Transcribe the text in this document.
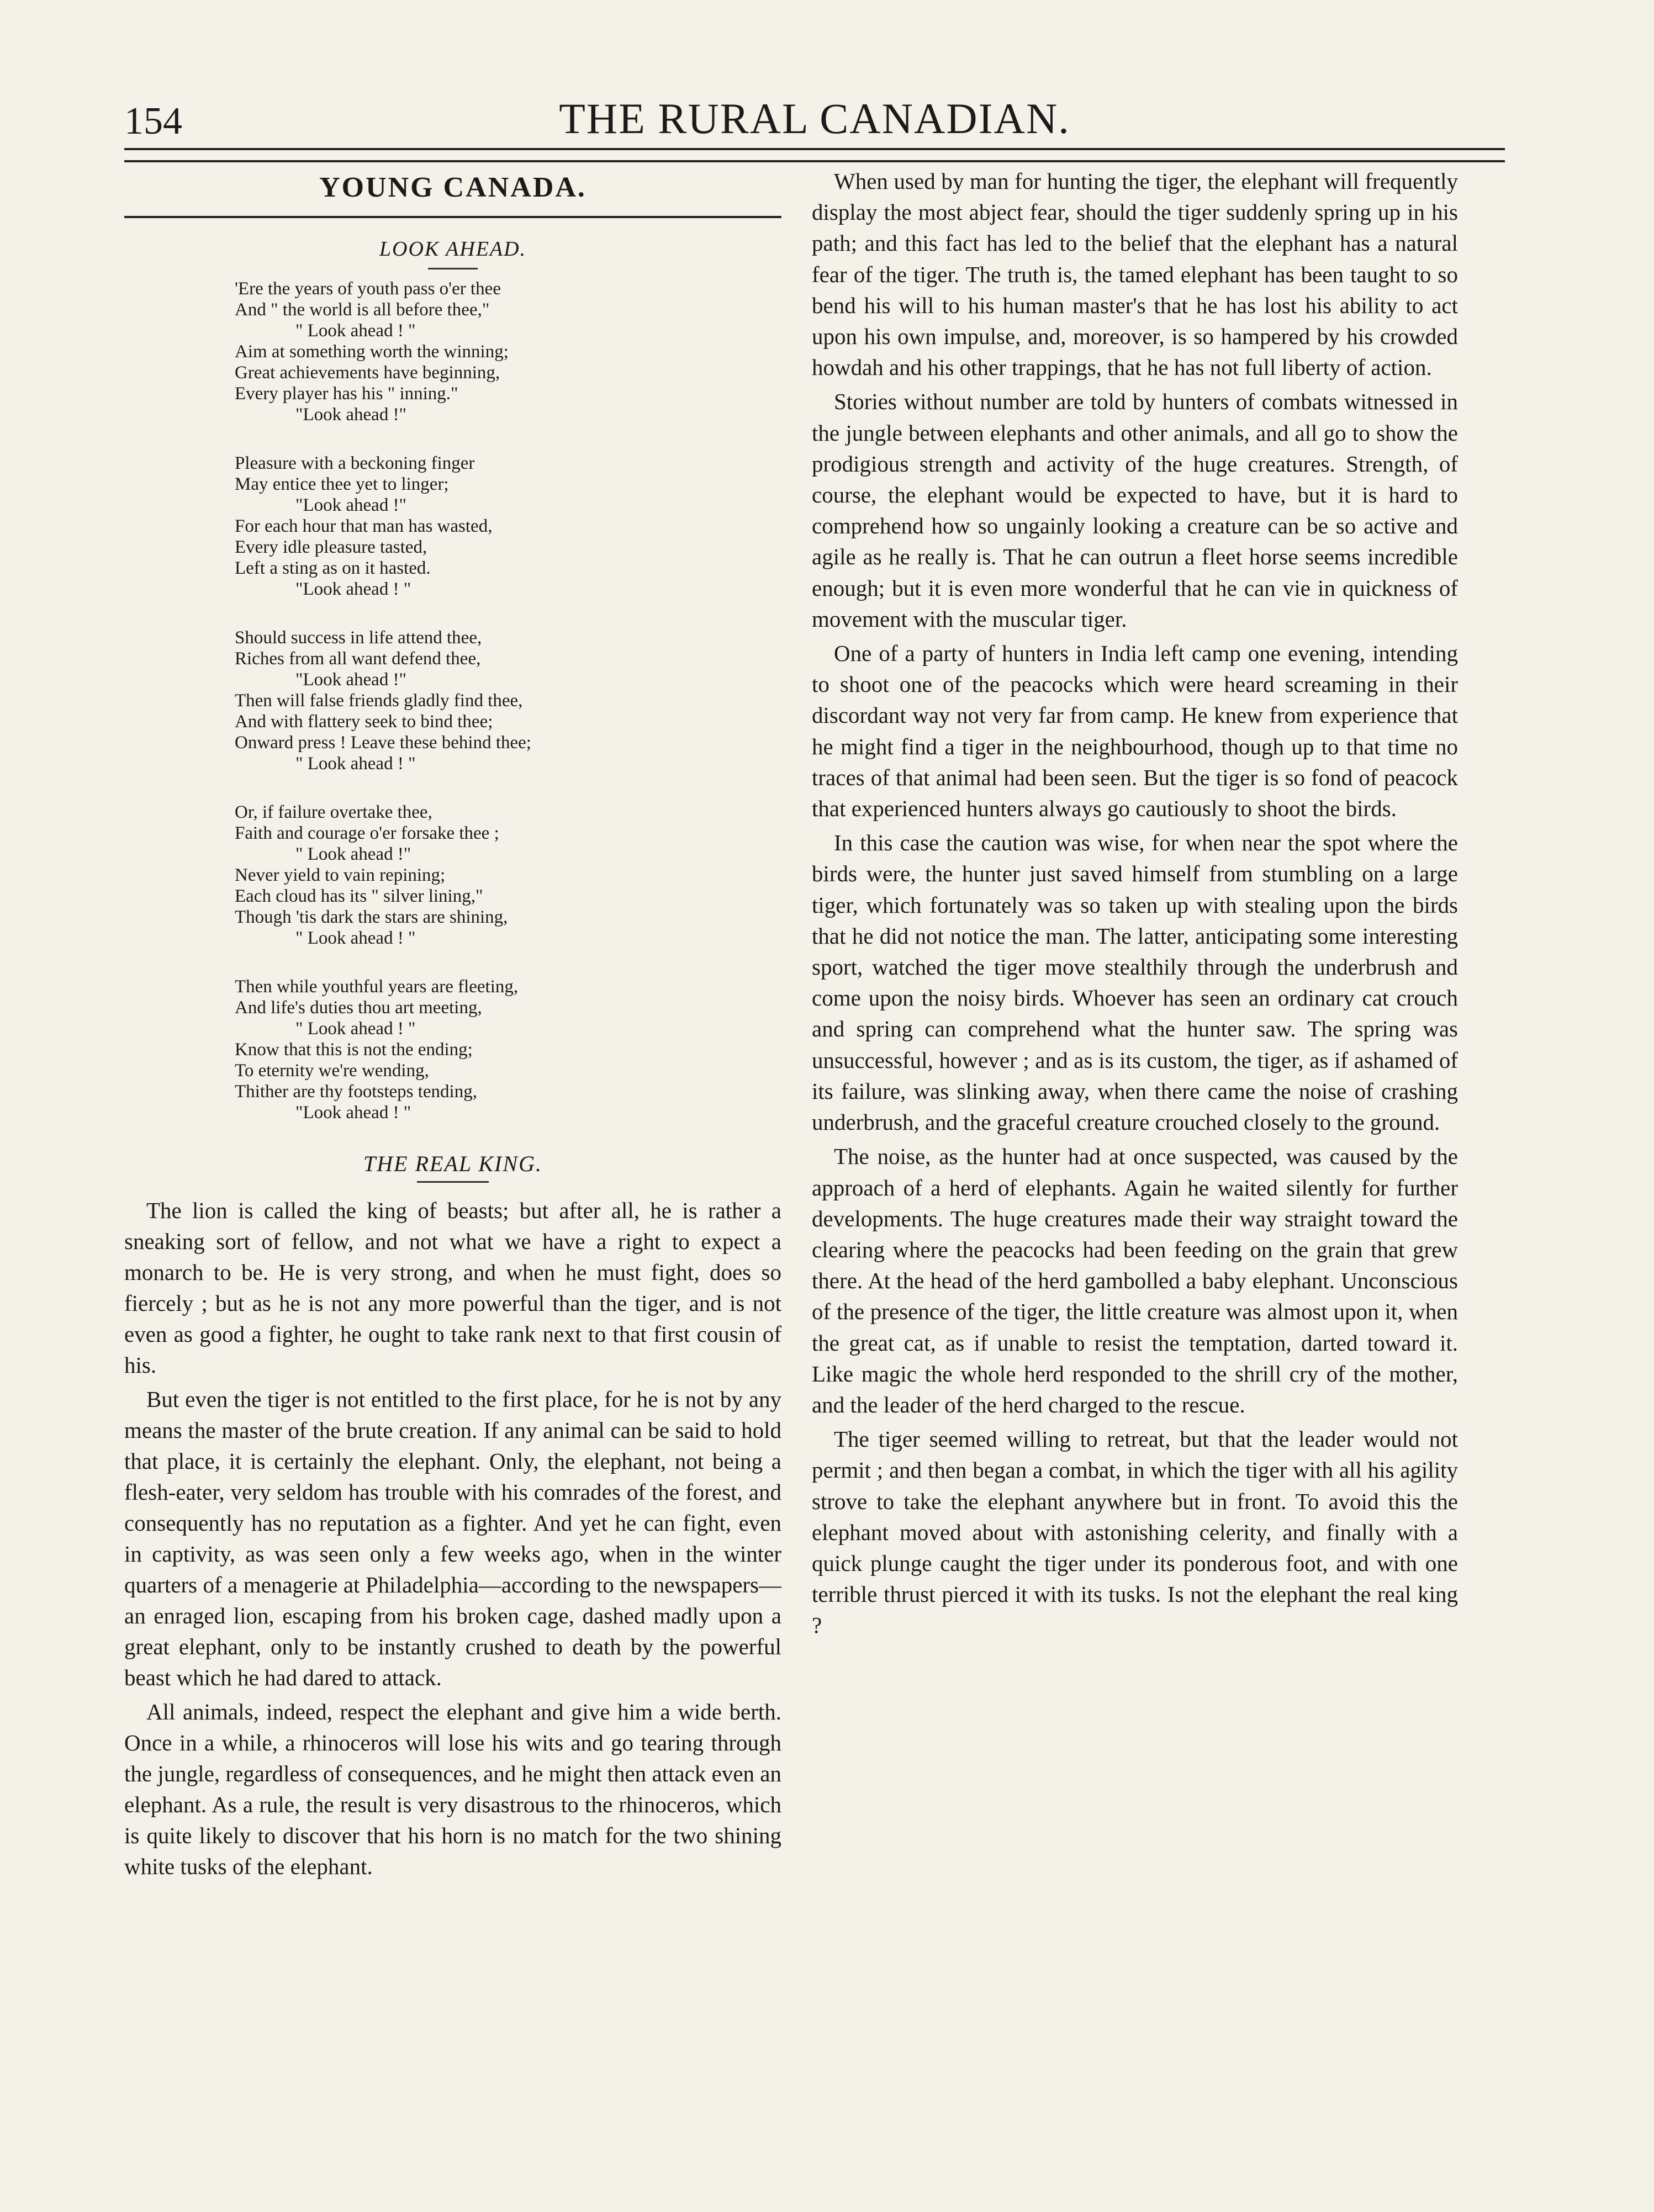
154	THE RURAL CANADIAN.
YOUNG CANADA.
LOOK AHEAD.
'Ere the years of youth pass o'er thee
And " the world is all before thee,"
" Look ahead ! "
Aim at something worth the winning;
Great achievements have beginning,
Every player has his " inning."
"Look ahead !"
Pleasure with a beckoning finger
May entice thee yet to linger;
"Look ahead !"
For each hour that man has wasted,
Every idle pleasure tasted,
Left a sting as on it hasted.
"Look ahead ! "
Should success in life attend thee,
Riches from all want defend thee,
"Look ahead !"
Then will false friends gladly find thee,
And with flattery seek to bind thee;
Onward press ! Leave these behind thee;
" Look ahead ! "
Or, if failure overtake thee,
Faith and courage o'er forsake thee ;
" Look ahead !"
Never yield to vain repining;
Each cloud has its " silver lining,"
Though 'tis dark the stars are shining,
" Look ahead ! "
Then while youthful years are fleeting,
And life's duties thou art meeting,
" Look ahead ! "
Know that this is not the ending;
To eternity we're wending,
Thither are thy footsteps tending,
"Look ahead ! "
THE REAL KING.

The lion is called the king of beasts; but after all, he is rather a sneaking sort of fellow, and not what we have a right to expect a monarch to be. He is very strong, and when he must fight, does so fiercely ; but as he is not any more powerful than the tiger, and is not even as good a fighter, he ought to take rank next to that first cousin of his.

But even the tiger is not entitled to the first place, for he is not by any means the master of the brute creation. If any animal can be said to hold that place, it is certainly the elephant. Only, the elephant, not being a flesh-eater, very seldom has trouble with his comrades of the forest, and consequently has no reputation as a fighter. And yet he can fight, even in captivity, as was seen only a few weeks ago, when in the winter quarters of a menagerie at Philadelphia—according to the newspapers—an enraged lion, escaping from his broken cage, dashed madly upon a great elephant, only to be instantly crushed to death by the powerful beast which he had dared to attack.

All animals, indeed, respect the elephant and give him a wide berth. Once in a while, a rhinoceros will lose his wits and go tearing through the jungle, regardless of consequences, and he might then attack even an elephant. As a rule, the result is very disastrous to the rhinoceros, which is quite likely to discover that his horn is no match for the two shining white tusks of the elephant.

When used by man for hunting the tiger, the elephant will frequently display the most abject fear, should the tiger suddenly spring up in his path; and this fact has led to the belief that the elephant has a natural fear of the tiger. The truth is, the tamed elephant has been taught to so bend his will to his human master's that he has lost his ability to act upon his own impulse, and, moreover, is so hampered by his crowded howdah and his other trappings, that he has not full liberty of action.

Stories without number are told by hunters of combats witnessed in the jungle between elephants and other animals, and all go to show the prodigious strength and activity of the huge creatures. Strength, of course, the elephant would be expected to have, but it is hard to comprehend how so ungainly looking a creature can be so active and agile as he really is. That he can outrun a fleet horse seems incredible enough; but it is even more wonderful that he can vie in quickness of movement with the muscular tiger.

One of a party of hunters in India left camp one evening, intending to shoot one of the peacocks which were heard screaming in their discordant way not very far from camp. He knew from experience that he might find a tiger in the neighbourhood, though up to that time no traces of that animal had been seen. But the tiger is so fond of peacock that experienced hunters always go cautiously to shoot the birds.

In this case the caution was wise, for when near the spot where the birds were, the hunter just saved himself from stumbling on a large tiger, which fortunately was so taken up with stealing upon the birds that he did not notice the man. The latter, anticipating some interesting sport, watched the tiger move stealthily through the underbrush and come upon the noisy birds. Whoever has seen an ordinary cat crouch and spring can comprehend what the hunter saw. The spring was unsuccessful, however ; and as is its custom, the tiger, as if ashamed of its failure, was slinking away, when there came the noise of crashing underbrush, and the graceful creature crouched closely to the ground.

The noise, as the hunter had at once suspected, was caused by the approach of a herd of elephants. Again he waited silently for further developments. The huge creatures made their way straight toward the clearing where the peacocks had been feeding on the grain that grew there. At the head of the herd gambolled a baby elephant. Unconscious of the presence of the tiger, the little creature was almost upon it, when the great cat, as if unable to resist the temptation, darted toward it. Like magic the whole herd responded to the shrill cry of the mother, and the leader of the herd charged to the rescue.

The tiger seemed willing to retreat, but that the leader would not permit ; and then began a combat, in which the tiger with all his agility strove to take the elephant anywhere but in front. To avoid this the elephant moved about with astonishing celerity, and finally with a quick plunge caught the tiger under its ponderous foot, and with one terrible thrust pierced it with its tusks. Is not the elephant the real king ?
